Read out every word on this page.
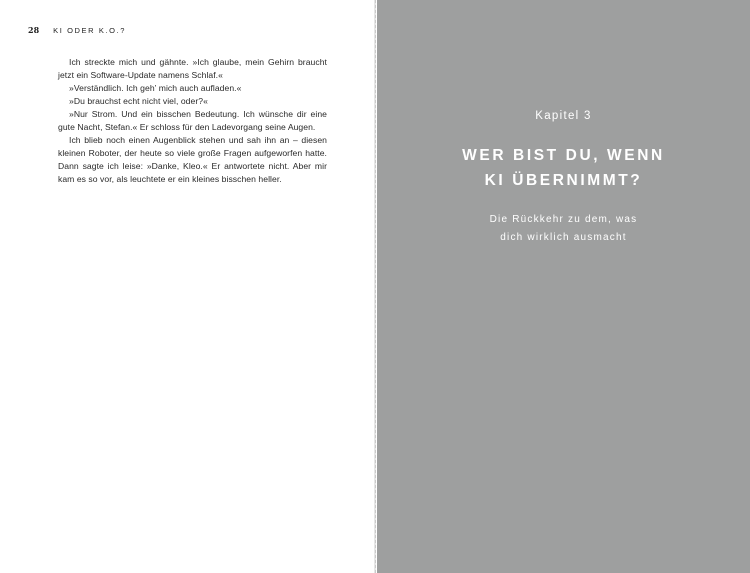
28 KI ODER K.O.?

Ich streckte mich und gähnte. »Ich glaube, mein Gehirn braucht jetzt ein Software-Update namens Schlaf.«

»Verständlich. Ich geh’ mich auch aufladen.«

»Du brauchst echt nicht viel, oder?«

»Nur Strom. Und ein bisschen Bedeutung. Ich wünsche dir eine gute Nacht, Stefan.« Er schloss für den Ladevorgang seine Augen.

Ich blieb noch einen Augenblick stehen und sah ihn an – diesen kleinen Roboter, der heute so viele große Fragen aufgeworfen hatte. Dann sagte ich leise: »Danke, Kleo.« Er antwortete nicht. Aber mir kam es so vor, als leuchtete er ein kleines bisschen heller.

Kapitel 3
WER BIST DU, WENN
KI ÜBERNIMMT?
Die Rückkehr zu dem, was
dich wirklich ausmacht
